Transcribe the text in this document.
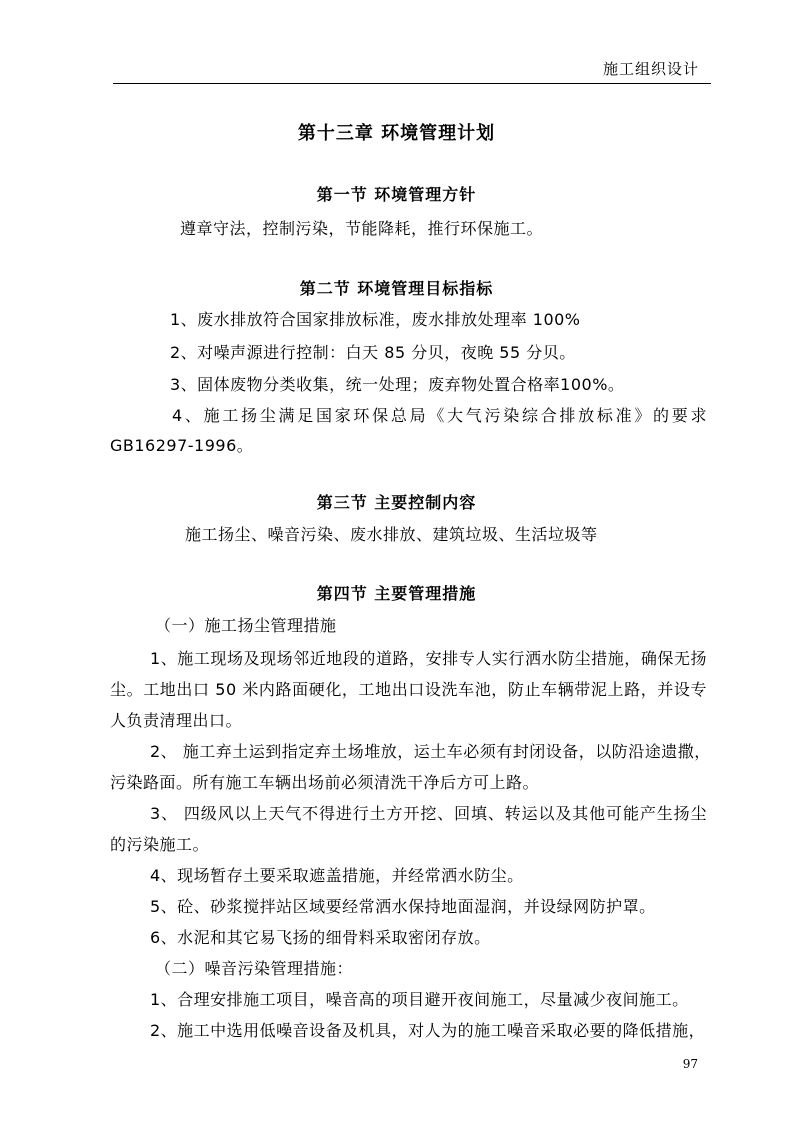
施工组织设计
第十三章 环境管理计划
第一节 环境管理方针
遵章守法，控制污染，节能降耗，推行环保施工。
第二节 环境管理目标指标
1、废水排放符合国家排放标准，废水排放处理率 100%
2、对噪声源进行控制：白天 85 分贝，夜晚 55 分贝。
3、固体废物分类收集，统一处理；废弃物处置合格率100%。
4、施工扬尘满足国家环保总局《大气污染综合排放标准》的要求
GB16297-1996。
第三节 主要控制内容
施工扬尘、噪音污染、废水排放、建筑垃圾、生活垃圾等
第四节 主要管理措施
（一）施工扬尘管理措施
1、施工现场及现场邻近地段的道路，安排专人实行洒水防尘措施，确保无扬
尘。工地出口 50 米内路面硬化，工地出口设洗车池，防止车辆带泥上路，并设专
人负责清理出口。
2、 施工弃土运到指定弃土场堆放，运土车必须有封闭设备，以防沿途遗撒，
污染路面。所有施工车辆出场前必须清洗干净后方可上路。
3、 四级风以上天气不得进行土方开挖、回填、转运以及其他可能产生扬尘
的污染施工。
4、现场暂存土要采取遮盖措施，并经常洒水防尘。
5、砼、砂浆搅拌站区域要经常洒水保持地面湿润，并设绿网防护罩。
6、水泥和其它易飞扬的细骨料采取密闭存放。
（二）噪音污染管理措施：
1、合理安排施工项目，噪音高的项目避开夜间施工，尽量减少夜间施工。
2、施工中选用低噪音设备及机具，对人为的施工噪音采取必要的降低措施，
97
